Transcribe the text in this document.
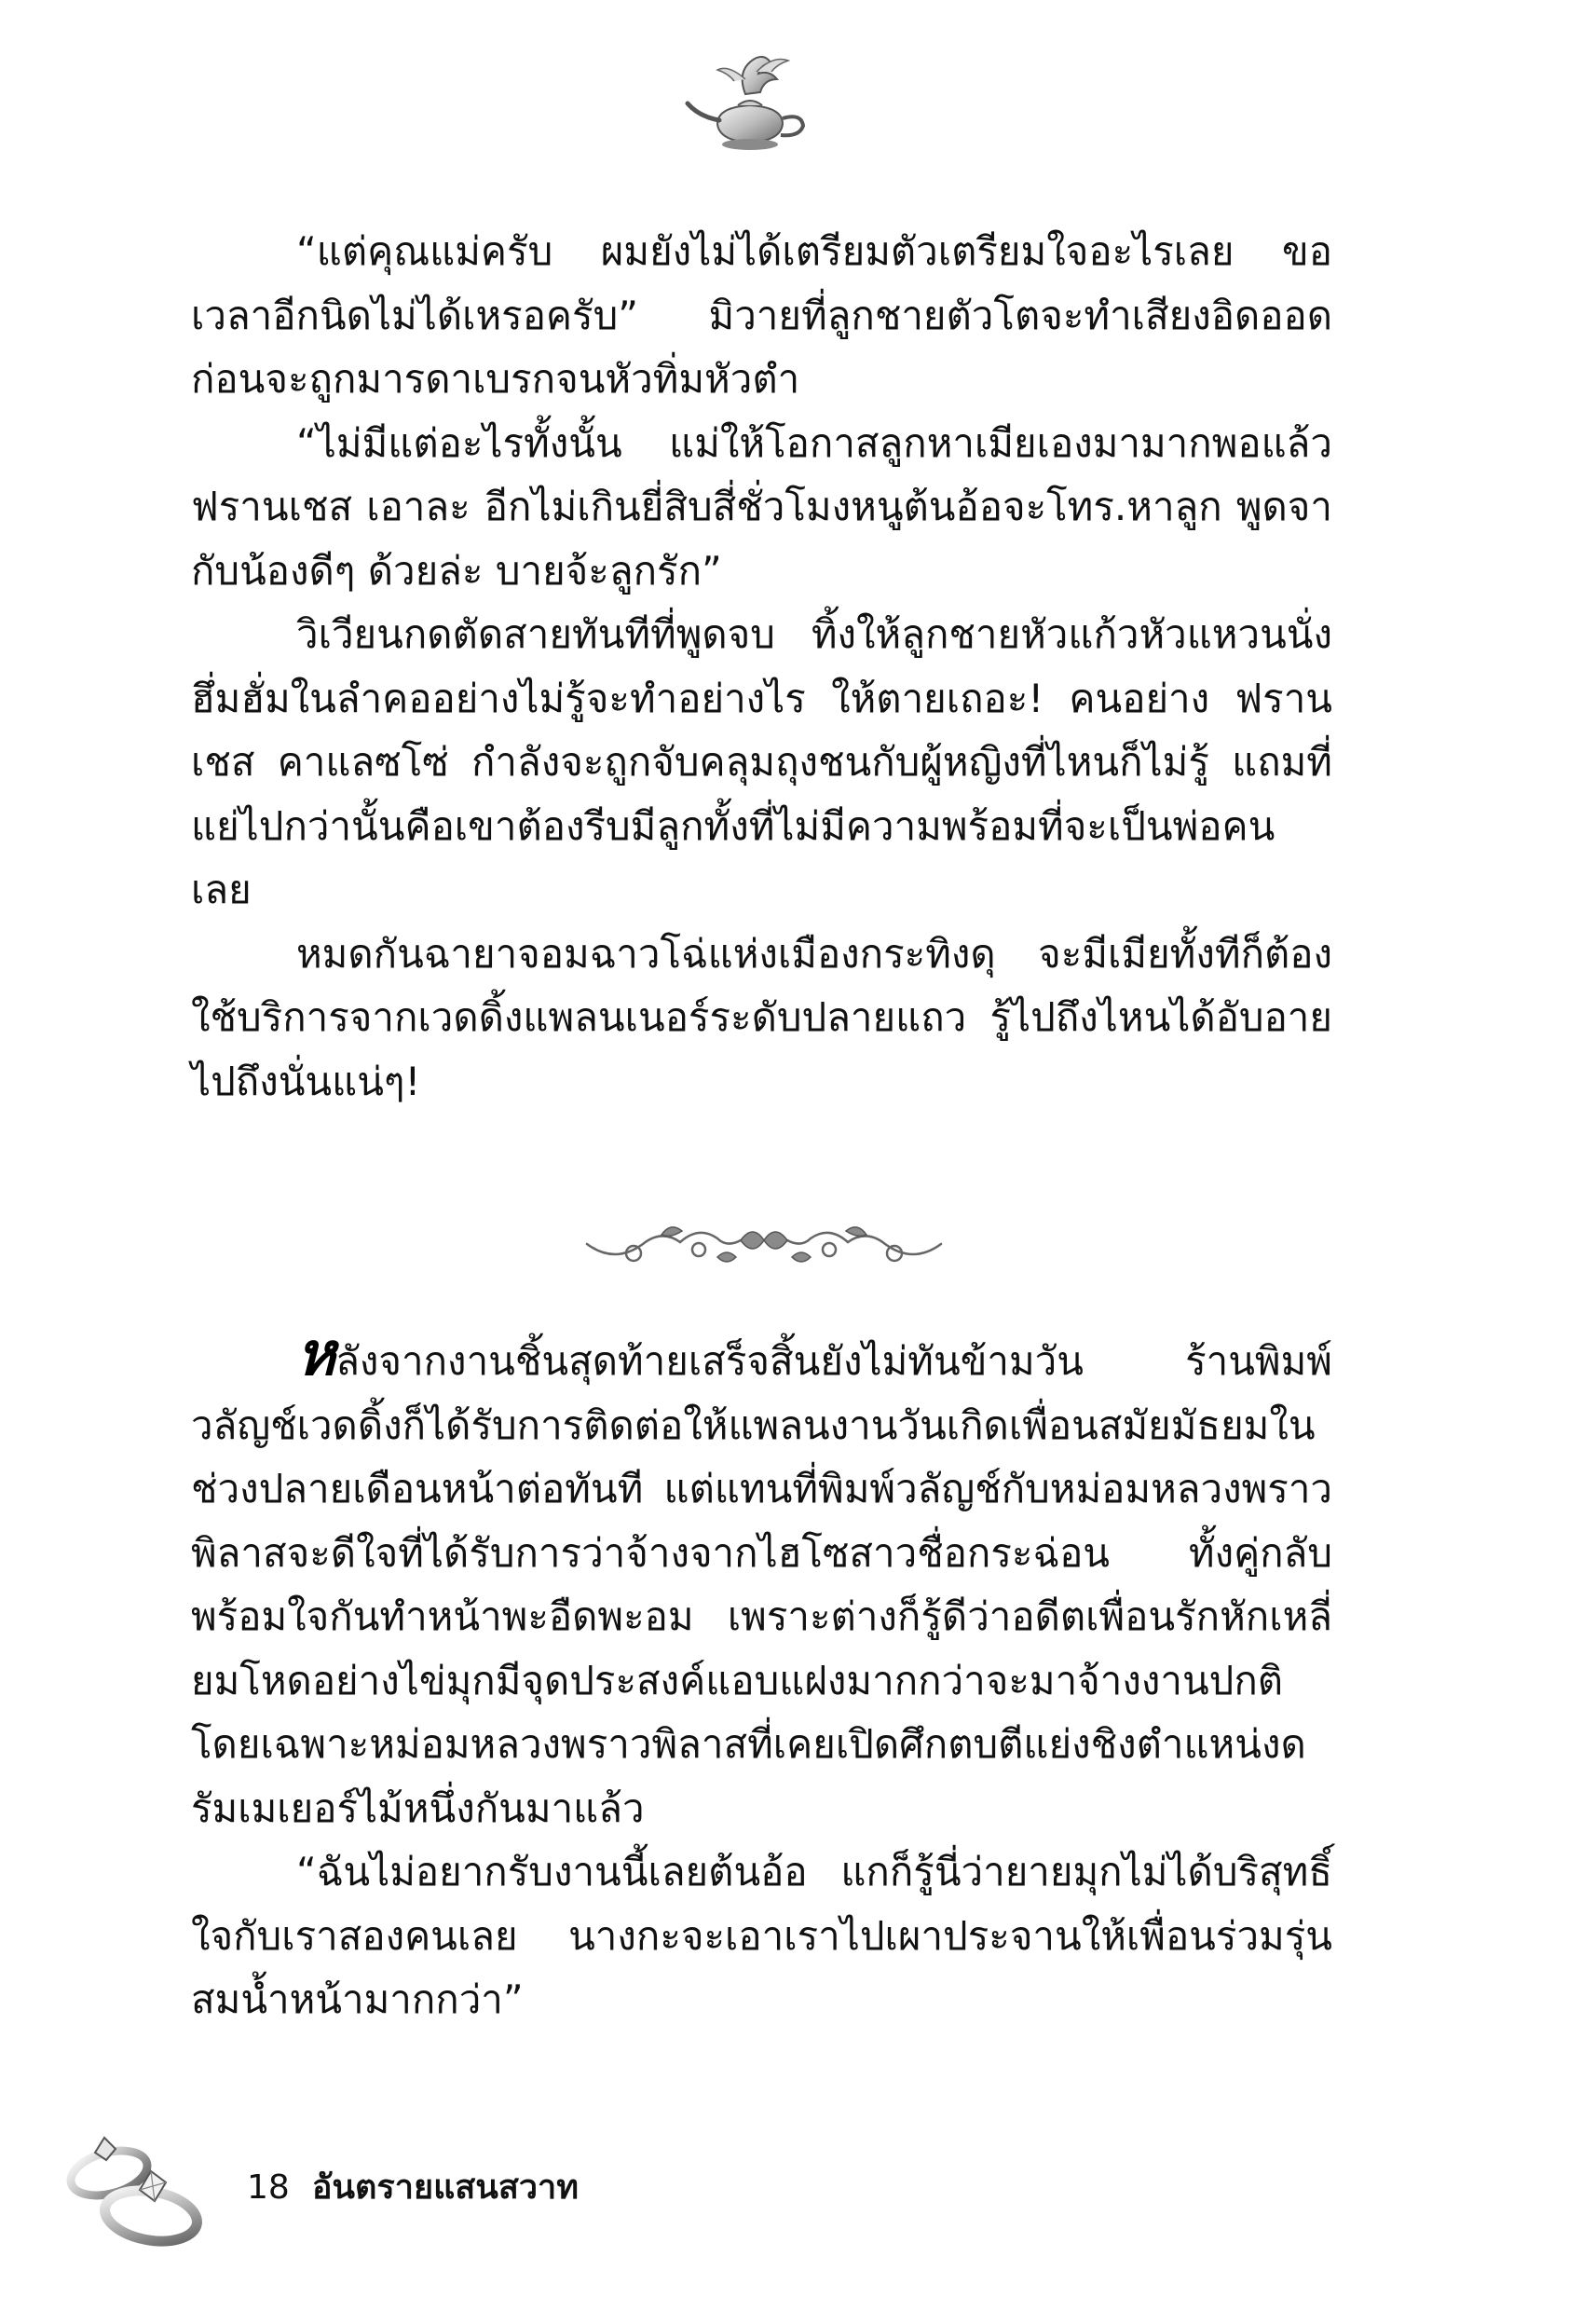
“แต่คุณแม่ครับ ผมยังไม่ได้เตรียมตัวเตรียมใจอะไรเลย ขอเวลาอีกนิดไม่ได้เหรอครับ” มิวายที่ลูกชายตัวโตจะทำเสียงอิดออด ก่อนจะถูกมารดาเบรกจนหัวทิ่มหัวตำ

“ไม่มีแต่อะไรทั้งนั้น แม่ให้โอกาสลูกหาเมียเองมามากพอแล้ว ฟรานเชส เอาละ อีกไม่เกินยี่สิบสี่ชั่วโมงหนูต้นอ้อจะโทร.หาลูก พูดจากับน้องดีๆ ด้วยล่ะ บายจ้ะลูกรัก”

วิเวียนกดตัดสายทันทีที่พูดจบ ทิ้งให้ลูกชายหัวแก้วหัวแหวนนั่งฮึ่มฮั่มในลำคออย่างไม่รู้จะทำอย่างไร ให้ตายเถอะ! คนอย่าง ฟรานเชส คาแลซโซ่ กำลังจะถูกจับคลุมถุงชนกับผู้หญิงที่ไหนก็ไม่รู้ แถมที่แย่ไปกว่านั้นคือเขาต้องรีบมีลูกทั้งที่ไม่มีความพร้อมที่จะเป็นพ่อคนเลย

หมดกันฉายาจอมฉาวโฉ่แห่งเมืองกระทิงดุ จะมีเมียทั้งทีก็ต้องใช้บริการจากเวดดิ้งแพลนเนอร์ระดับปลายแถว รู้ไปถึงไหนได้อับอายไปถึงนั่นแน่ๆ!

หลังจากงานชิ้นสุดท้ายเสร็จสิ้นยังไม่ทันข้ามวัน ร้านพิมพ์วลัญช์เวดดิ้งก็ได้รับการติดต่อให้แพลนงานวันเกิดเพื่อนสมัยมัธยมในช่วงปลายเดือนหน้าต่อทันที แต่แทนที่พิมพ์วลัญช์กับหม่อมหลวงพราวพิลาสจะดีใจที่ได้รับการว่าจ้างจากไฮโซสาวชื่อกระฉ่อน ทั้งคู่กลับพร้อมใจกันทำหน้าพะอืดพะอม เพราะต่างก็รู้ดีว่าอดีตเพื่อนรักหักเหลี่ยมโหดอย่างไข่มุกมีจุดประสงค์แอบแฝงมากกว่าจะมาจ้างงานปกติ โดยเฉพาะหม่อมหลวงพราวพิลาสที่เคยเปิดศึกตบตีแย่งชิงตำแหน่งดรัมเมเยอร์ไม้หนึ่งกันมาแล้ว

“ฉันไม่อยากรับงานนี้เลยต้นอ้อ แกก็รู้นี่ว่ายายมุกไม่ได้บริสุทธิ์ใจกับเราสองคนเลย นางกะจะเอาเราไปเผาประจานให้เพื่อนร่วมรุ่นสมน้ำหน้ามากกว่า”

18 อันตรายแสนสวาท
